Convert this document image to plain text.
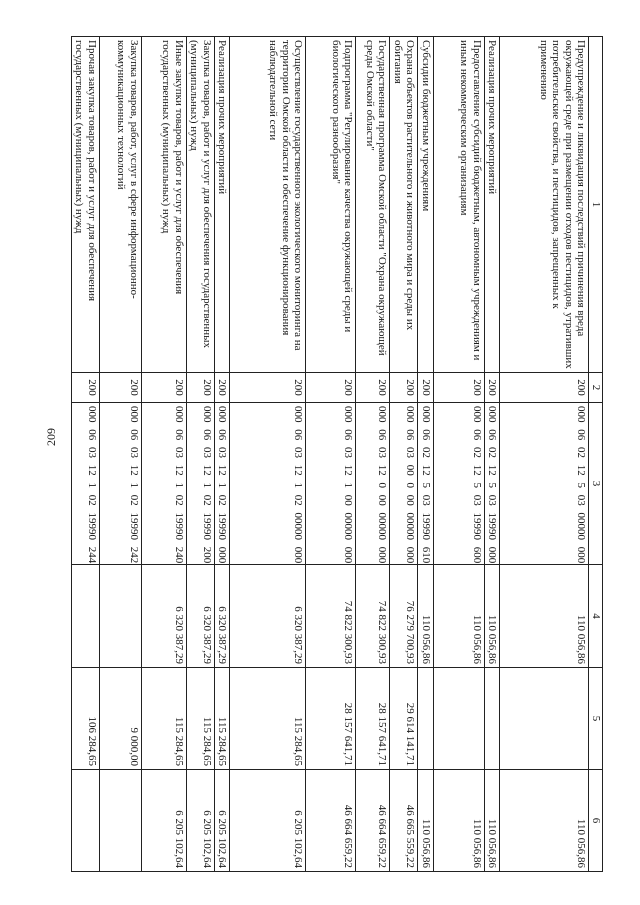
209
1	2	3	4	5	6
Предупреждение и ликвидация последствий причинения вреда окружающей среде при размещении отходов пестицидов, утративших потребительские свойства, и пестицидов, запрещенных к применению	200	000 06 02 12 5 03 00000 000	110 056,86		110 056,86
Реализация прочих мероприятий	200	000 06 02 12 5 03 19990 000	110 056,86		110 056,86
Предоставление субсидий бюджетным, автономным учреждениям и иным некоммерческим организациям	200	000 06 02 12 5 03 19990 600	110 056,86		110 056,86
Субсидии бюджетным учреждениям	200	000 06 02 12 5 03 19990 610	110 056,86		110 056,86
Охрана объектов растительного и животного мира и среды их обитания	200	000 06 03 00 0 00 00000 000	76 279 700,93	29 614 141,71	46 665 559,22
Государственная программа Омской области "Охрана окружающей среды Омской области"	200	000 06 03 12 0 00 00000 000	74 822 300,93	28 157 641,71	46 664 659,22
Подпрограмма "Регулирование качества окружающей среды и биологического разнообразия"	200	000 06 03 12 1 00 00000 000	74 822 300,93	28 157 641,71	46 664 659,22
Осуществление государственного экологического мониторинга на территории Омской области и обеспечение функционирования наблюдательной сети	200	000 06 03 12 1 02 00000 000	6 320 387,29	115 284,65	6 205 102,64
Реализация прочих мероприятий	200	000 06 03 12 1 02 19990 000	6 320 387,29	115 284,65	6 205 102,64
Закупка товаров, работ и услуг для обеспечения государственных (муниципальных) нужд	200	000 06 03 12 1 02 19990 200	6 320 387,29	115 284,65	6 205 102,64
Иные закупки товаров, работ и услуг для обеспечения государственных (муниципальных) нужд	200	000 06 03 12 1 02 19990 240	6 320 387,29	115 284,65	6 205 102,64
Закупка товаров, работ, услуг в сфере информационно-коммуникационных технологий	200	000 06 03 12 1 02 19990 242		9 000,00	
Прочая закупка товаров, работ и услуг для обеспечения государственных (муниципальных) нужд	200	000 06 03 12 1 02 19990 244		106 284,65	
